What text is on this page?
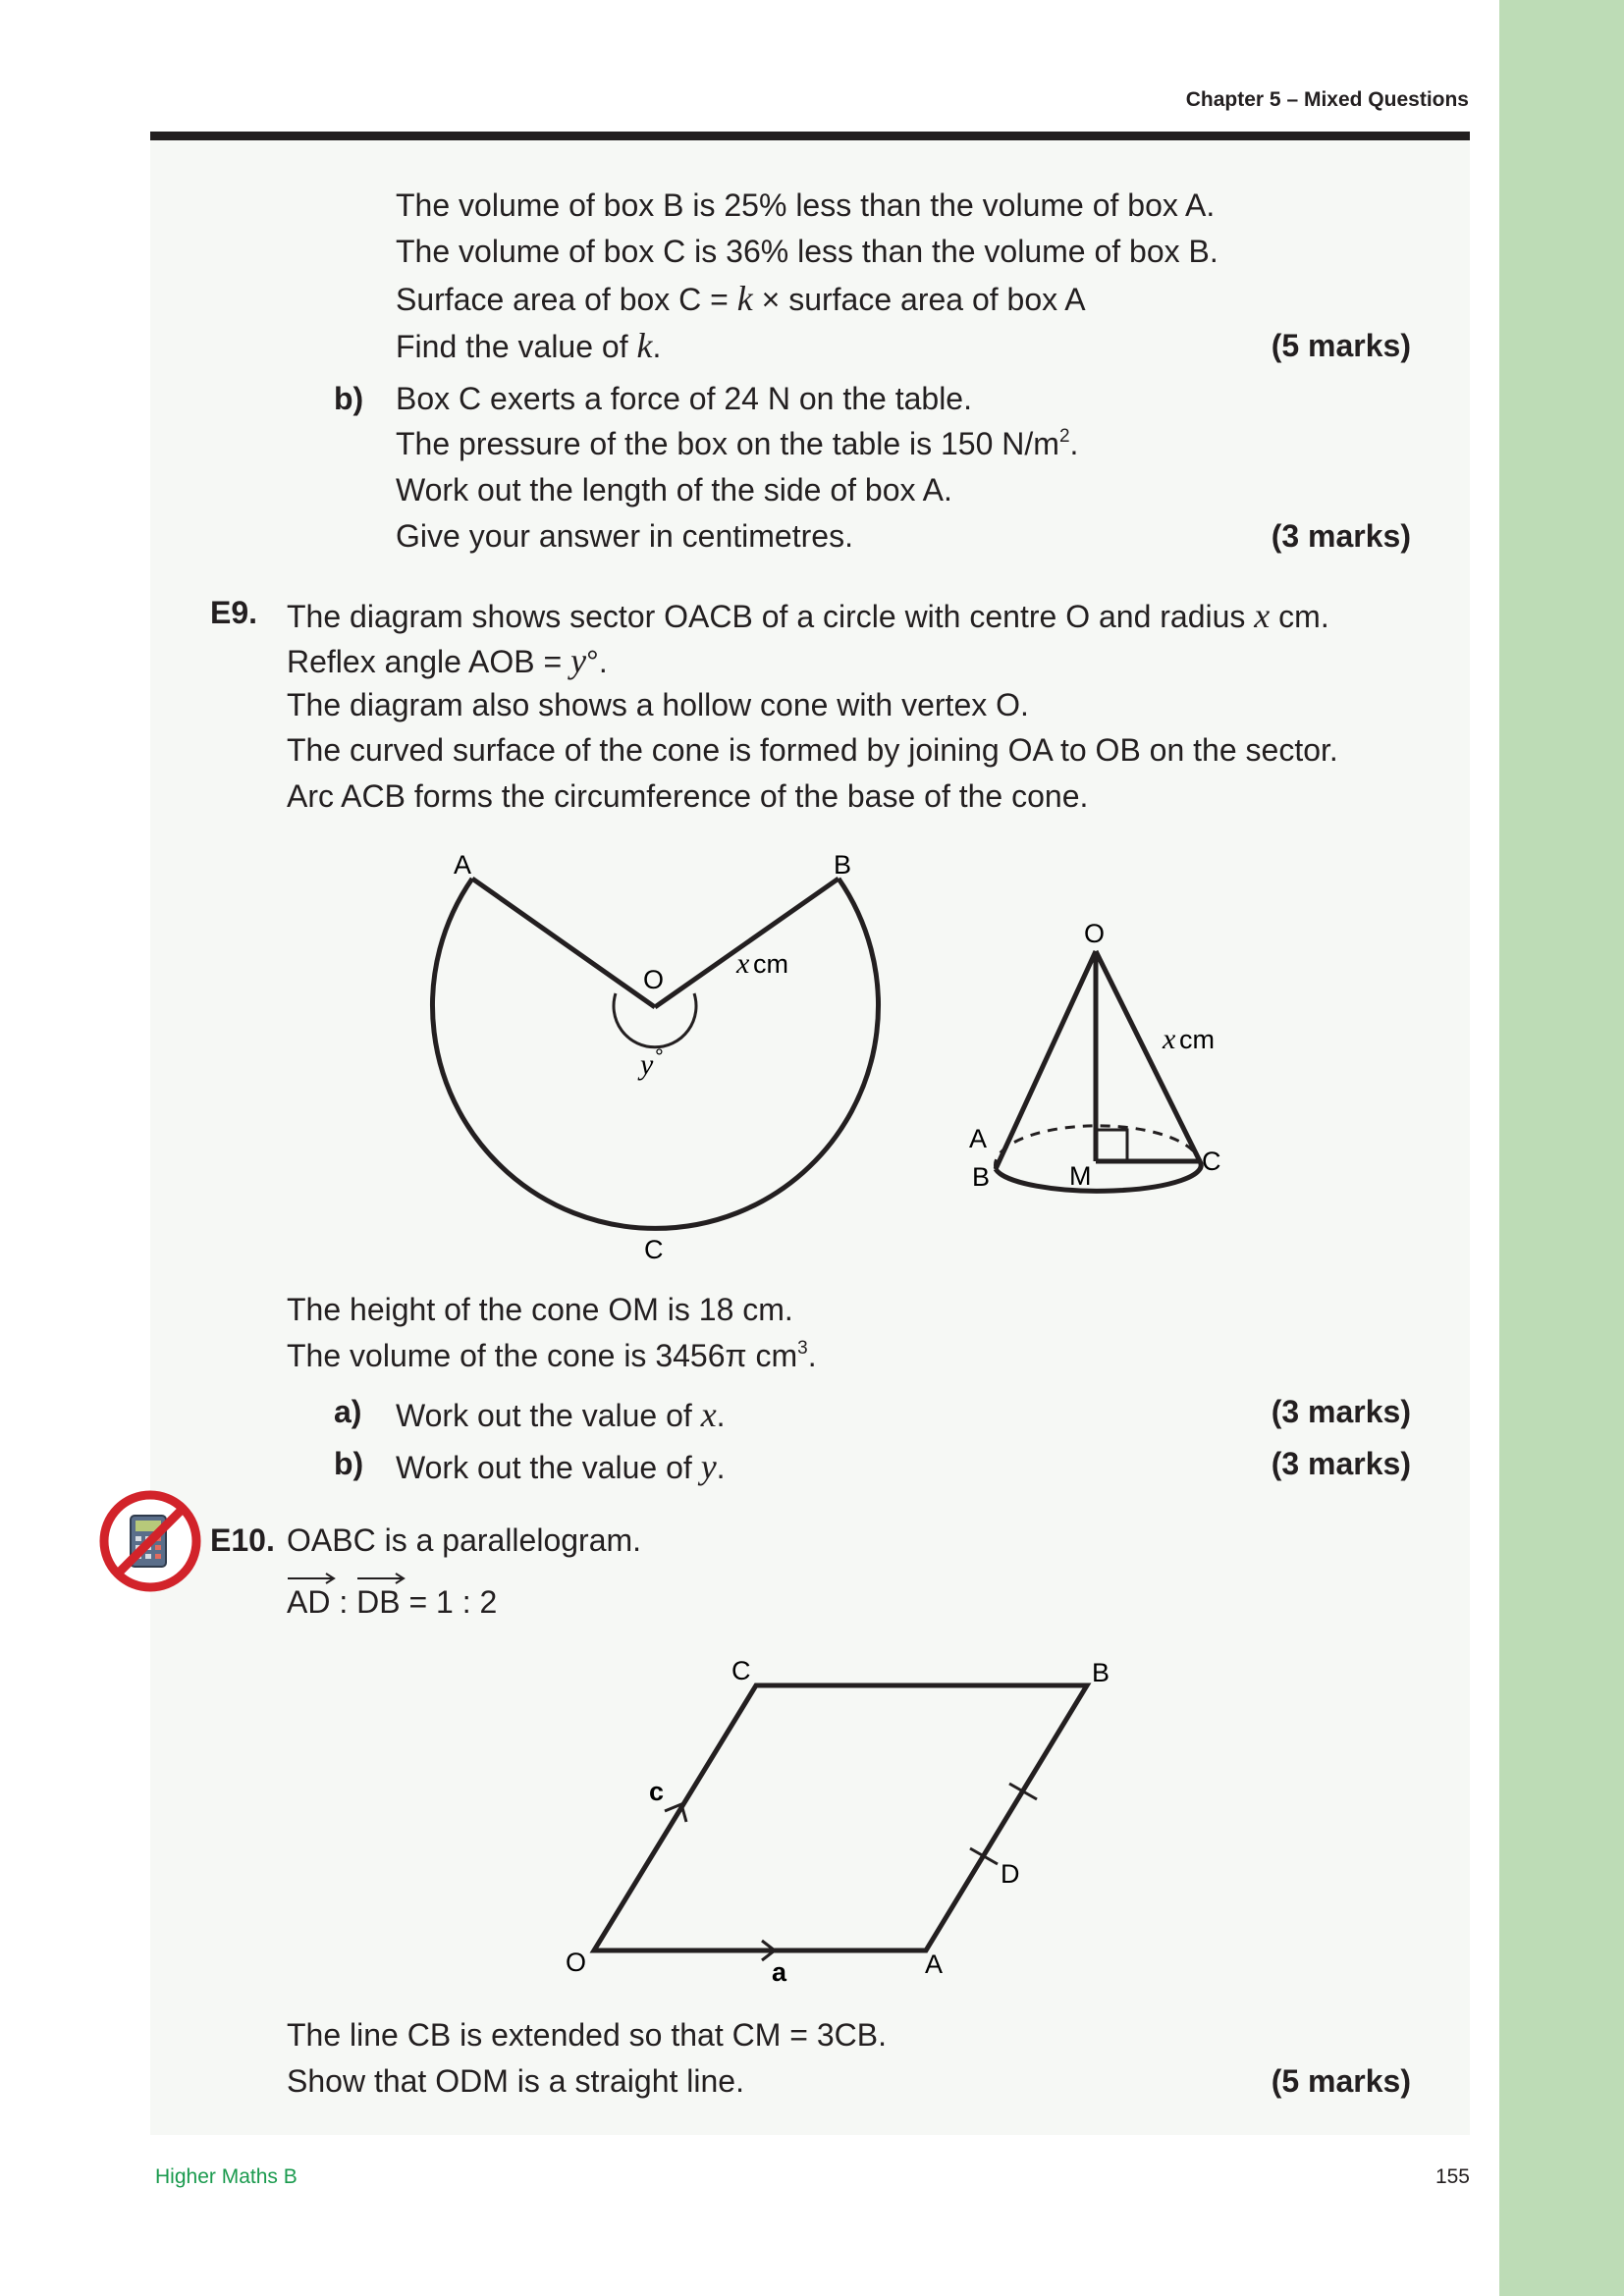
Chapter 5 – Mixed Questions
The volume of box B is 25% less than the volume of box A.
The volume of box C is 36% less than the volume of box B.
Surface area of box C = k × surface area of box A
Find the value of k.	(5 marks)
b) Box C exerts a force of 24 N on the table.
The pressure of the box on the table is 150 $N/m^2$.
Work out the length of the side of box A.
Give your answer in centimetres.	(3 marks)
E9. The diagram shows sector OACB of a circle with centre O and radius x cm.
Reflex angle AOB = y°.
The diagram also shows a hollow cone with vertex O.
The curved surface of the cone is formed by joining OA to OB on the sector.
Arc ACB forms the circumference of the base of the cone.
A	B
O
C
x cm
y °
O
A
B	M	C
x cm
The height of the cone OM is 18 cm.
The volume of the cone is 3456π $cm^3$.
a) Work out the value of x.	(3 marks)
b) Work out the value of y.	(3 marks)
E10. OABC is a parallelogram.
AD :
DB = 1 : 2
C	B
O	A
D
c
a
The line CB is extended so that CM = 3CB.
Show that ODM is a straight line.	(5 marks)
Higher Maths B	155
